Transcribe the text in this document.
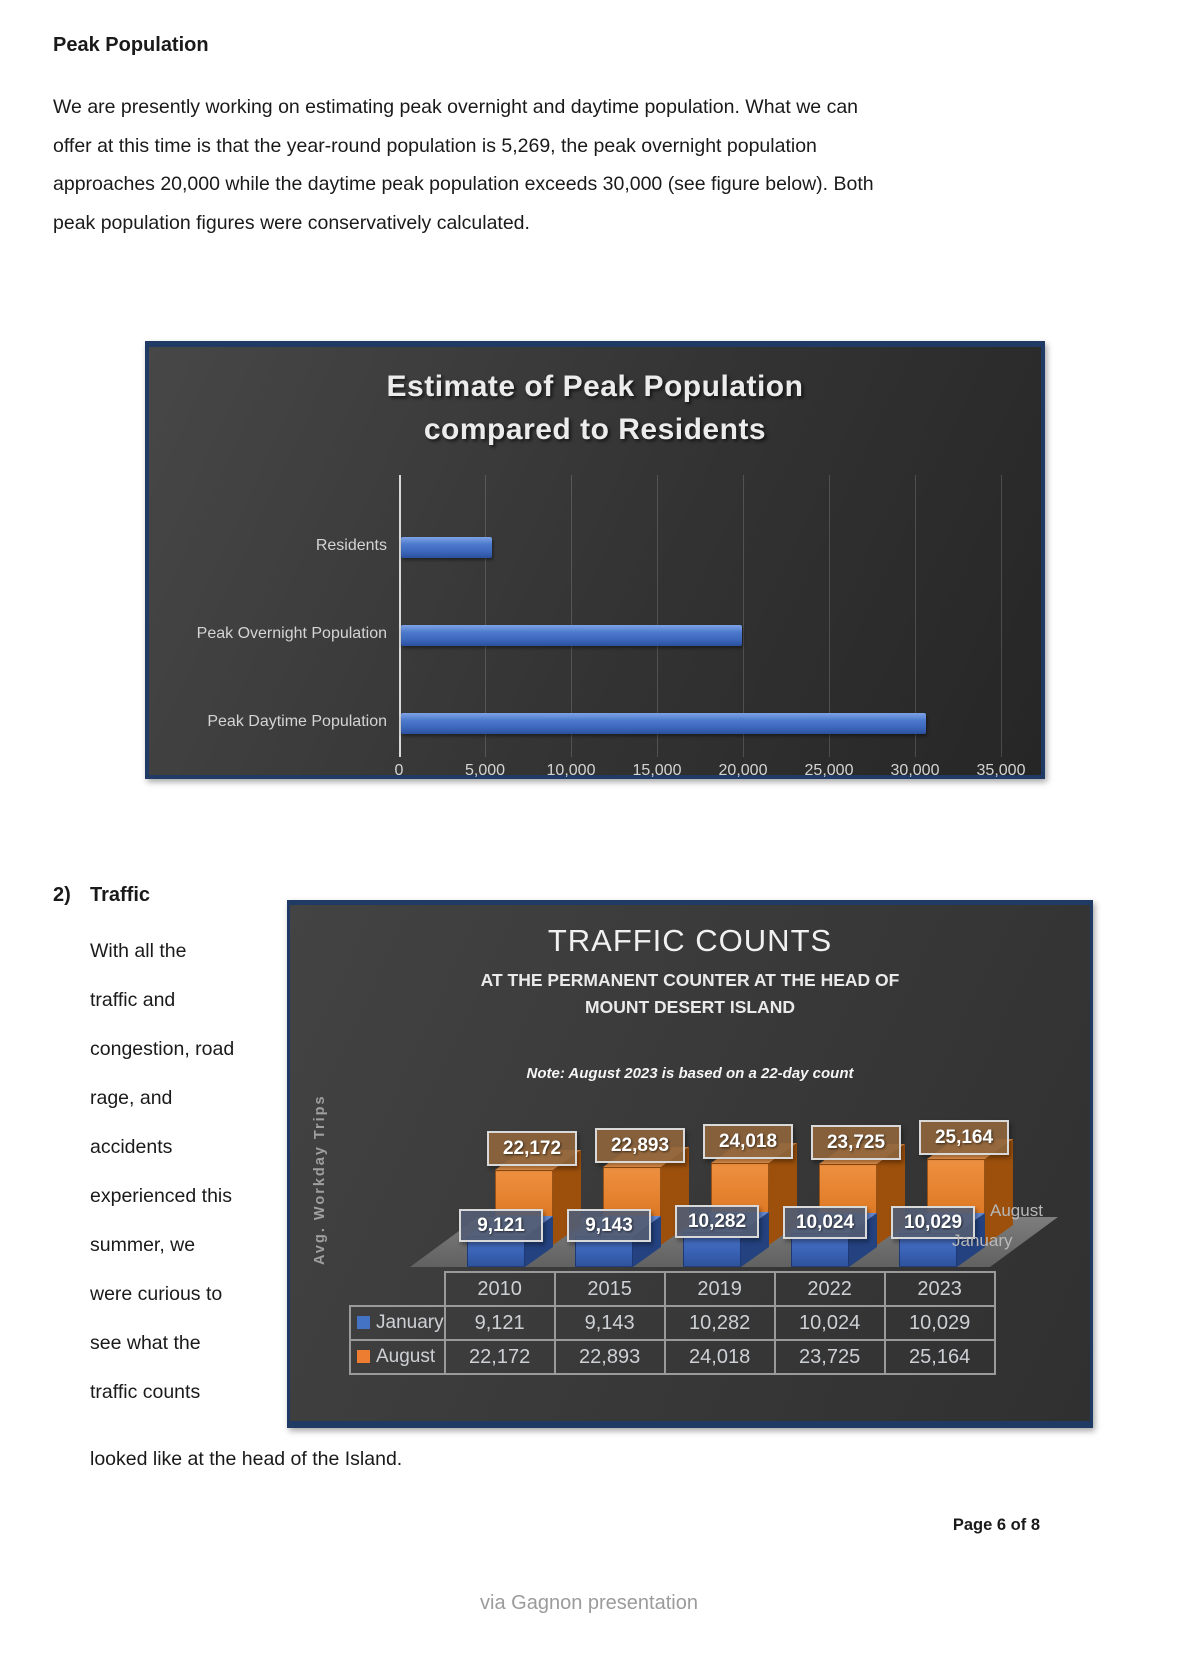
Peak Population
We are presently working on estimating peak overnight and daytime population. What we can
offer at this time is that the year-round population is 5,269, the peak overnight population
approaches 20,000 while the daytime peak population exceeds 30,000 (see figure below). Both
peak population figures were conservatively calculated.
2) Traffic
With all the
traffic and
congestion, road
rage, and
accidents
experienced this
summer, we
were curious to
see what the
traffic counts
looked like at the head of the Island.
Estimate of Peak Population
compared to Residents
0	5,000	10,000	15,000	20,000	25,000	30,000	35,000
Residents
Peak Overnight Population
Peak Daytime Population
TRAFFIC COUNTS
AT THE PERMANENT COUNTER AT THE HEAD OF
MOUNT DESERT ISLAND
Note: August 2023 is based on a 22-day count
Avg. Workday Trips	22,172
9,121
22,893
9,143
24,018
10,282
23,725
10,024
25,164
10,029
August
January
	2010	2015	2019	2022	2023
January	9,121	9,143	10,282	10,024	10,029
August	22,172	22,893	24,018	23,725	25,164
Page 6 of 8
via Gagnon presentation
